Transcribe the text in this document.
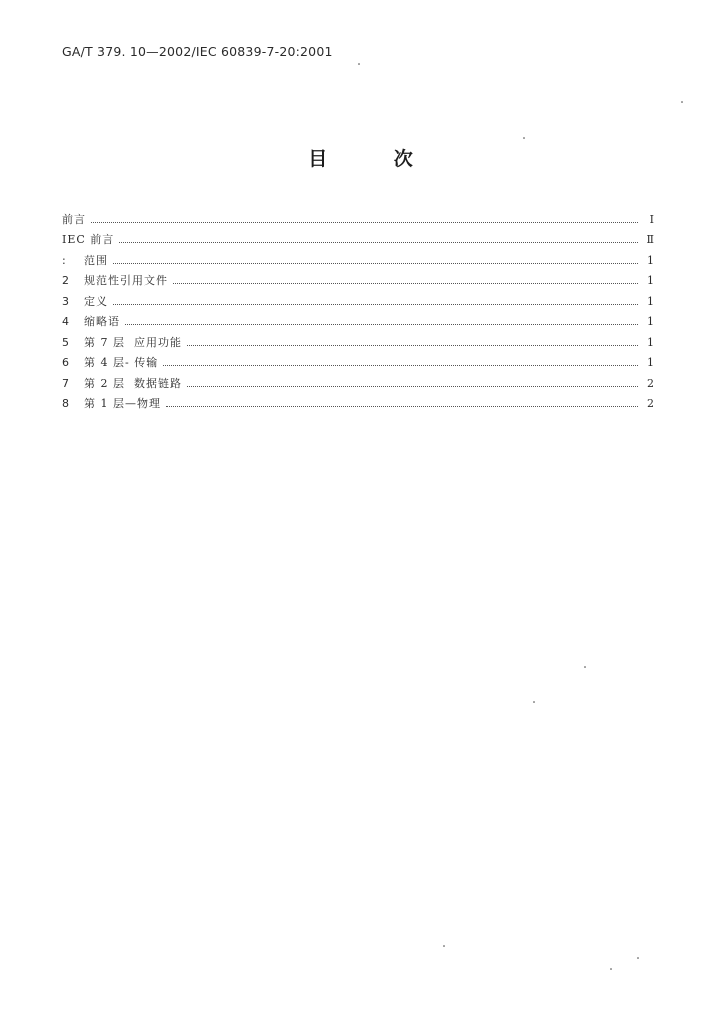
GA/T 379. 10—2002/IEC 60839-7-20:2001
目 次
前言	I
IEC 前言	Ⅱ
:	范围	1
2	规范性引用文件	1
3	定义	1
4	缩略语	1
5	第 7 层  应用功能	1
6	第 4 层- 传输	1
7	第 2 层  数据链路	2
8	第 1 层—物理	2
